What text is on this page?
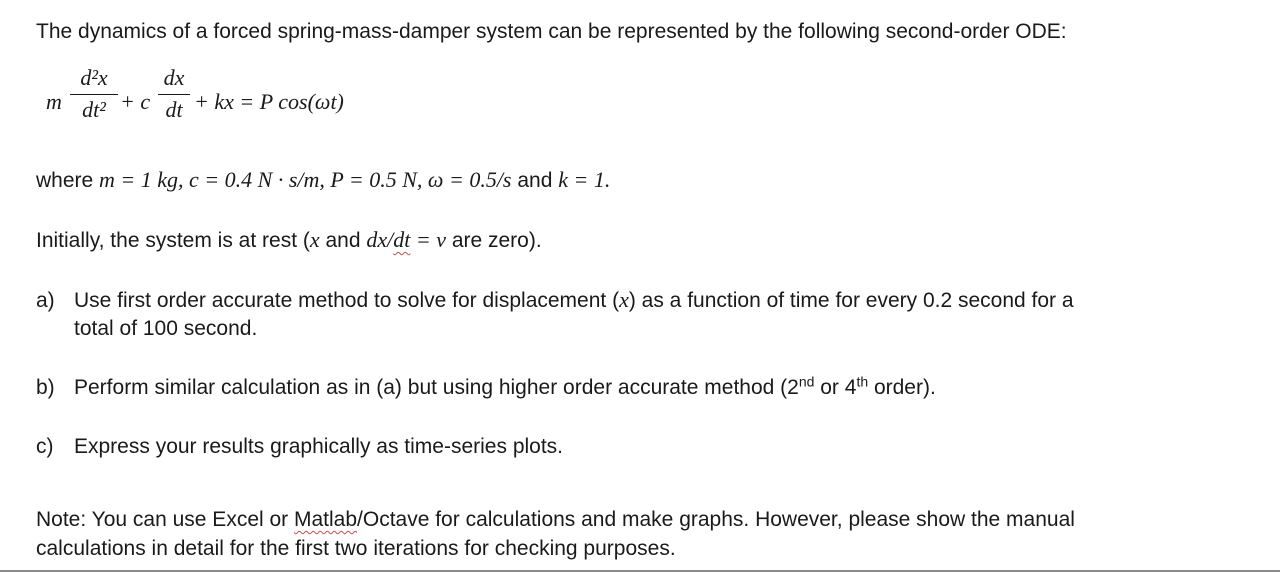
The dynamics of a forced spring-mass-damper system can be represented by the following second-order ODE:
m
d²x
dt² + c
dx
dt + kx = P cos(ωt)
where m = 1 kg, c = 0.4 N · s/m, P = 0.5 N, ω = 0.5/s and k = 1.
Initially, the system is at rest (x and dx/dt = v are zero).
a) Use first order accurate method to solve for displacement (x) as a function of time for every 0.2 second for a
total of 100 second.
b) Perform similar calculation as in (a) but using higher order accurate method (2nd or 4th order).
c) Express your results graphically as time-series plots.
Note: You can use Excel or Matlab/Octave for calculations and make graphs. However, please show the manual
calculations in detail for the first two iterations for checking purposes.
